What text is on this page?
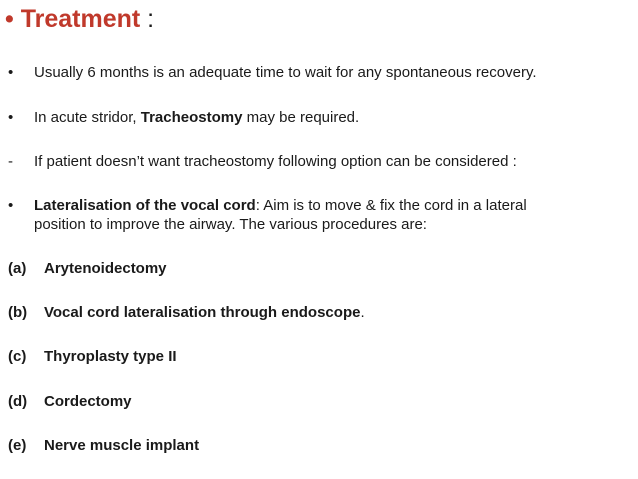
• Treatment :
• Usually 6 months is an adequate time to wait for any spontaneous recovery.
• In acute stridor, Tracheostomy may be required.
- If patient doesn’t want tracheostomy following option can be considered :
• Lateralisation of the vocal cord: Aim is to move & fix the cord in a lateral
position to improve the airway. The various procedures are:
(a) Arytenoidectomy
(b) Vocal cord lateralisation through endoscope.
(c) Thyroplasty type II
(d) Cordectomy
(e) Nerve muscle implant
